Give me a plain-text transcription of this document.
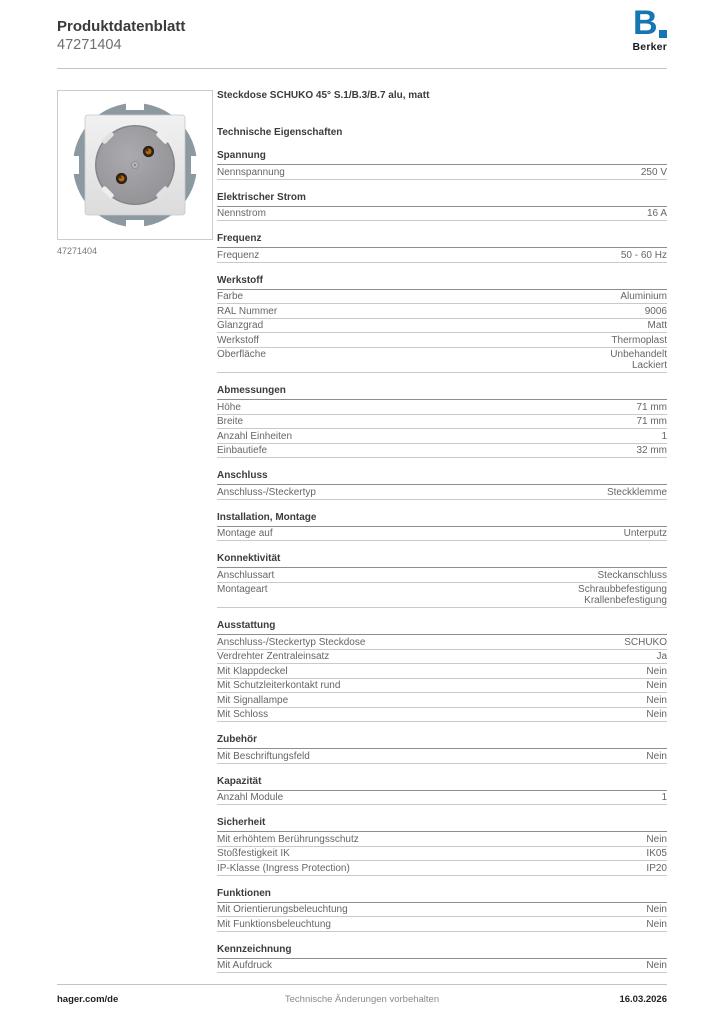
Produktdatenblatt
47271404
B
Berker
47271404
Steckdose SCHUKO 45° S.1/B.3/B.7 alu, matt
Technische Eigenschaften
Spannung
Nennspannung	250 V
Elektrischer Strom
Nennstrom	16 A
Frequenz
Frequenz	50 - 60 Hz
Werkstoff
Farbe	Aluminium
RAL Nummer	9006
Glanzgrad	Matt
Werkstoff	Thermoplast
Oberfläche	Unbehandelt
Lackiert
Abmessungen
Höhe	71 mm
Breite	71 mm
Anzahl Einheiten	1
Einbautiefe	32 mm
Anschluss
Anschluss-/Steckertyp	Steckklemme
Installation, Montage
Montage auf	Unterputz
Konnektivität
Anschlussart	Steckanschluss
Montageart	Schraubbefestigung
Krallenbefestigung
Ausstattung
Anschluss-/Steckertyp Steckdose	SCHUKO
Verdrehter Zentraleinsatz	Ja
Mit Klappdeckel	Nein
Mit Schutzleiterkontakt rund	Nein
Mit Signallampe	Nein
Mit Schloss	Nein
Zubehör
Mit Beschriftungsfeld	Nein
Kapazität
Anzahl Module	1
Sicherheit
Mit erhöhtem Berührungsschutz	Nein
Stoßfestigkeit IK	IK05
IP-Klasse (Ingress Protection)	IP20
Funktionen
Mit Orientierungsbeleuchtung	Nein
Mit Funktionsbeleuchtung	Nein
Kennzeichnung
Mit Aufdruck	Nein
hager.com/de	Technische Änderungen vorbehalten	16.03.2026
